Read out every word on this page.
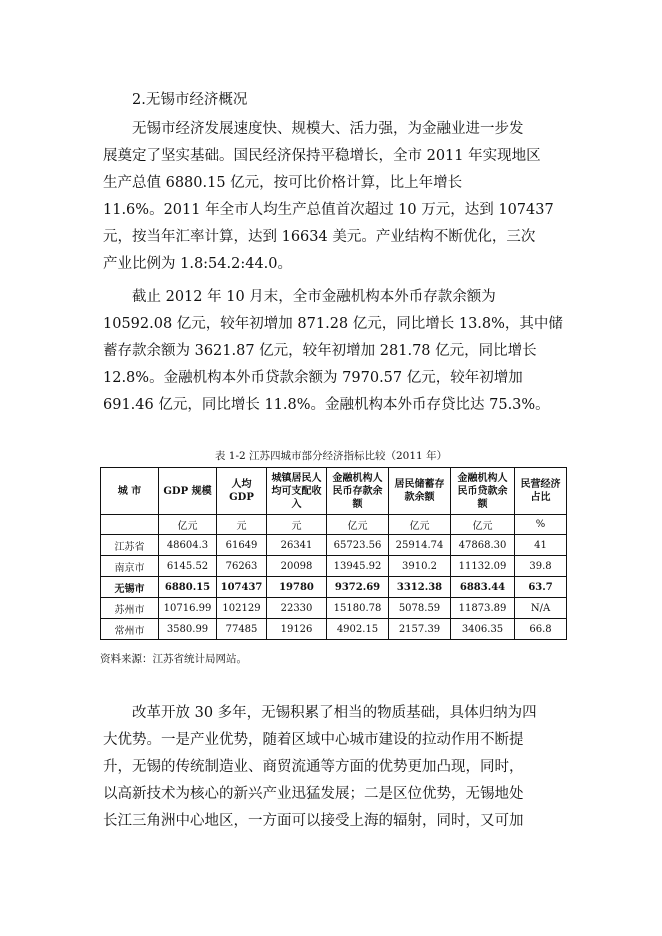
2.无锡市经济概况
无锡市经济发展速度快、规模大、活力强，为金融业进一步发
展奠定了坚实基础。国民经济保持平稳增长，全市 2011 年实现地区
生产总值 6880.15 亿元，按可比价格计算，比上年增长
11.6%。2011 年全市人均生产总值首次超过 10 万元，达到 107437
元，按当年汇率计算，达到 16634 美元。产业结构不断优化，三次
产业比例为 1.8:54.2:44.0。
截止 2012 年 10 月末，全市金融机构本外币存款余额为
10592.08 亿元，较年初增加 871.28 亿元，同比增长 13.8%，其中储
蓄存款余额为 3621.87 亿元，较年初增加 281.78 亿元，同比增长
12.8%。金融机构本外币贷款余额为 7970.57 亿元，较年初增加
691.46 亿元，同比增长 11.8%。金融机构本外币存贷比达 75.3%。
表 1-2 江苏四城市部分经济指标比较（2011 年）
城 市	GDP 规模	人均 GDP	城镇居民人均可支配收入	金融机构人民币存款余额	居民储蓄存款余额	金融机构人民币贷款余额	民营经济占比
	亿元	元	元	亿元	亿元	亿元	%
江苏省	48604.3	61649	26341	65723.56	25914.74	47868.30	41
南京市	6145.52	76263	20098	13945.92	3910.2	11132.09	39.8
无锡市	6880.15	107437	19780	9372.69	3312.38	6883.44	63.7
苏州市	10716.99	102129	22330	15180.78	5078.59	11873.89	N/A
常州市	3580.99	77485	19126	4902.15	2157.39	3406.35	66.8
资料来源：江苏省统计局网站。
改革开放 30 多年，无锡积累了相当的物质基础，具体归纳为四
大优势。一是产业优势，随着区域中心城市建设的拉动作用不断提
升，无锡的传统制造业、商贸流通等方面的优势更加凸现，同时，
以高新技术为核心的新兴产业迅猛发展；二是区位优势，无锡地处
长江三角洲中心地区，一方面可以接受上海的辐射，同时，又可加
